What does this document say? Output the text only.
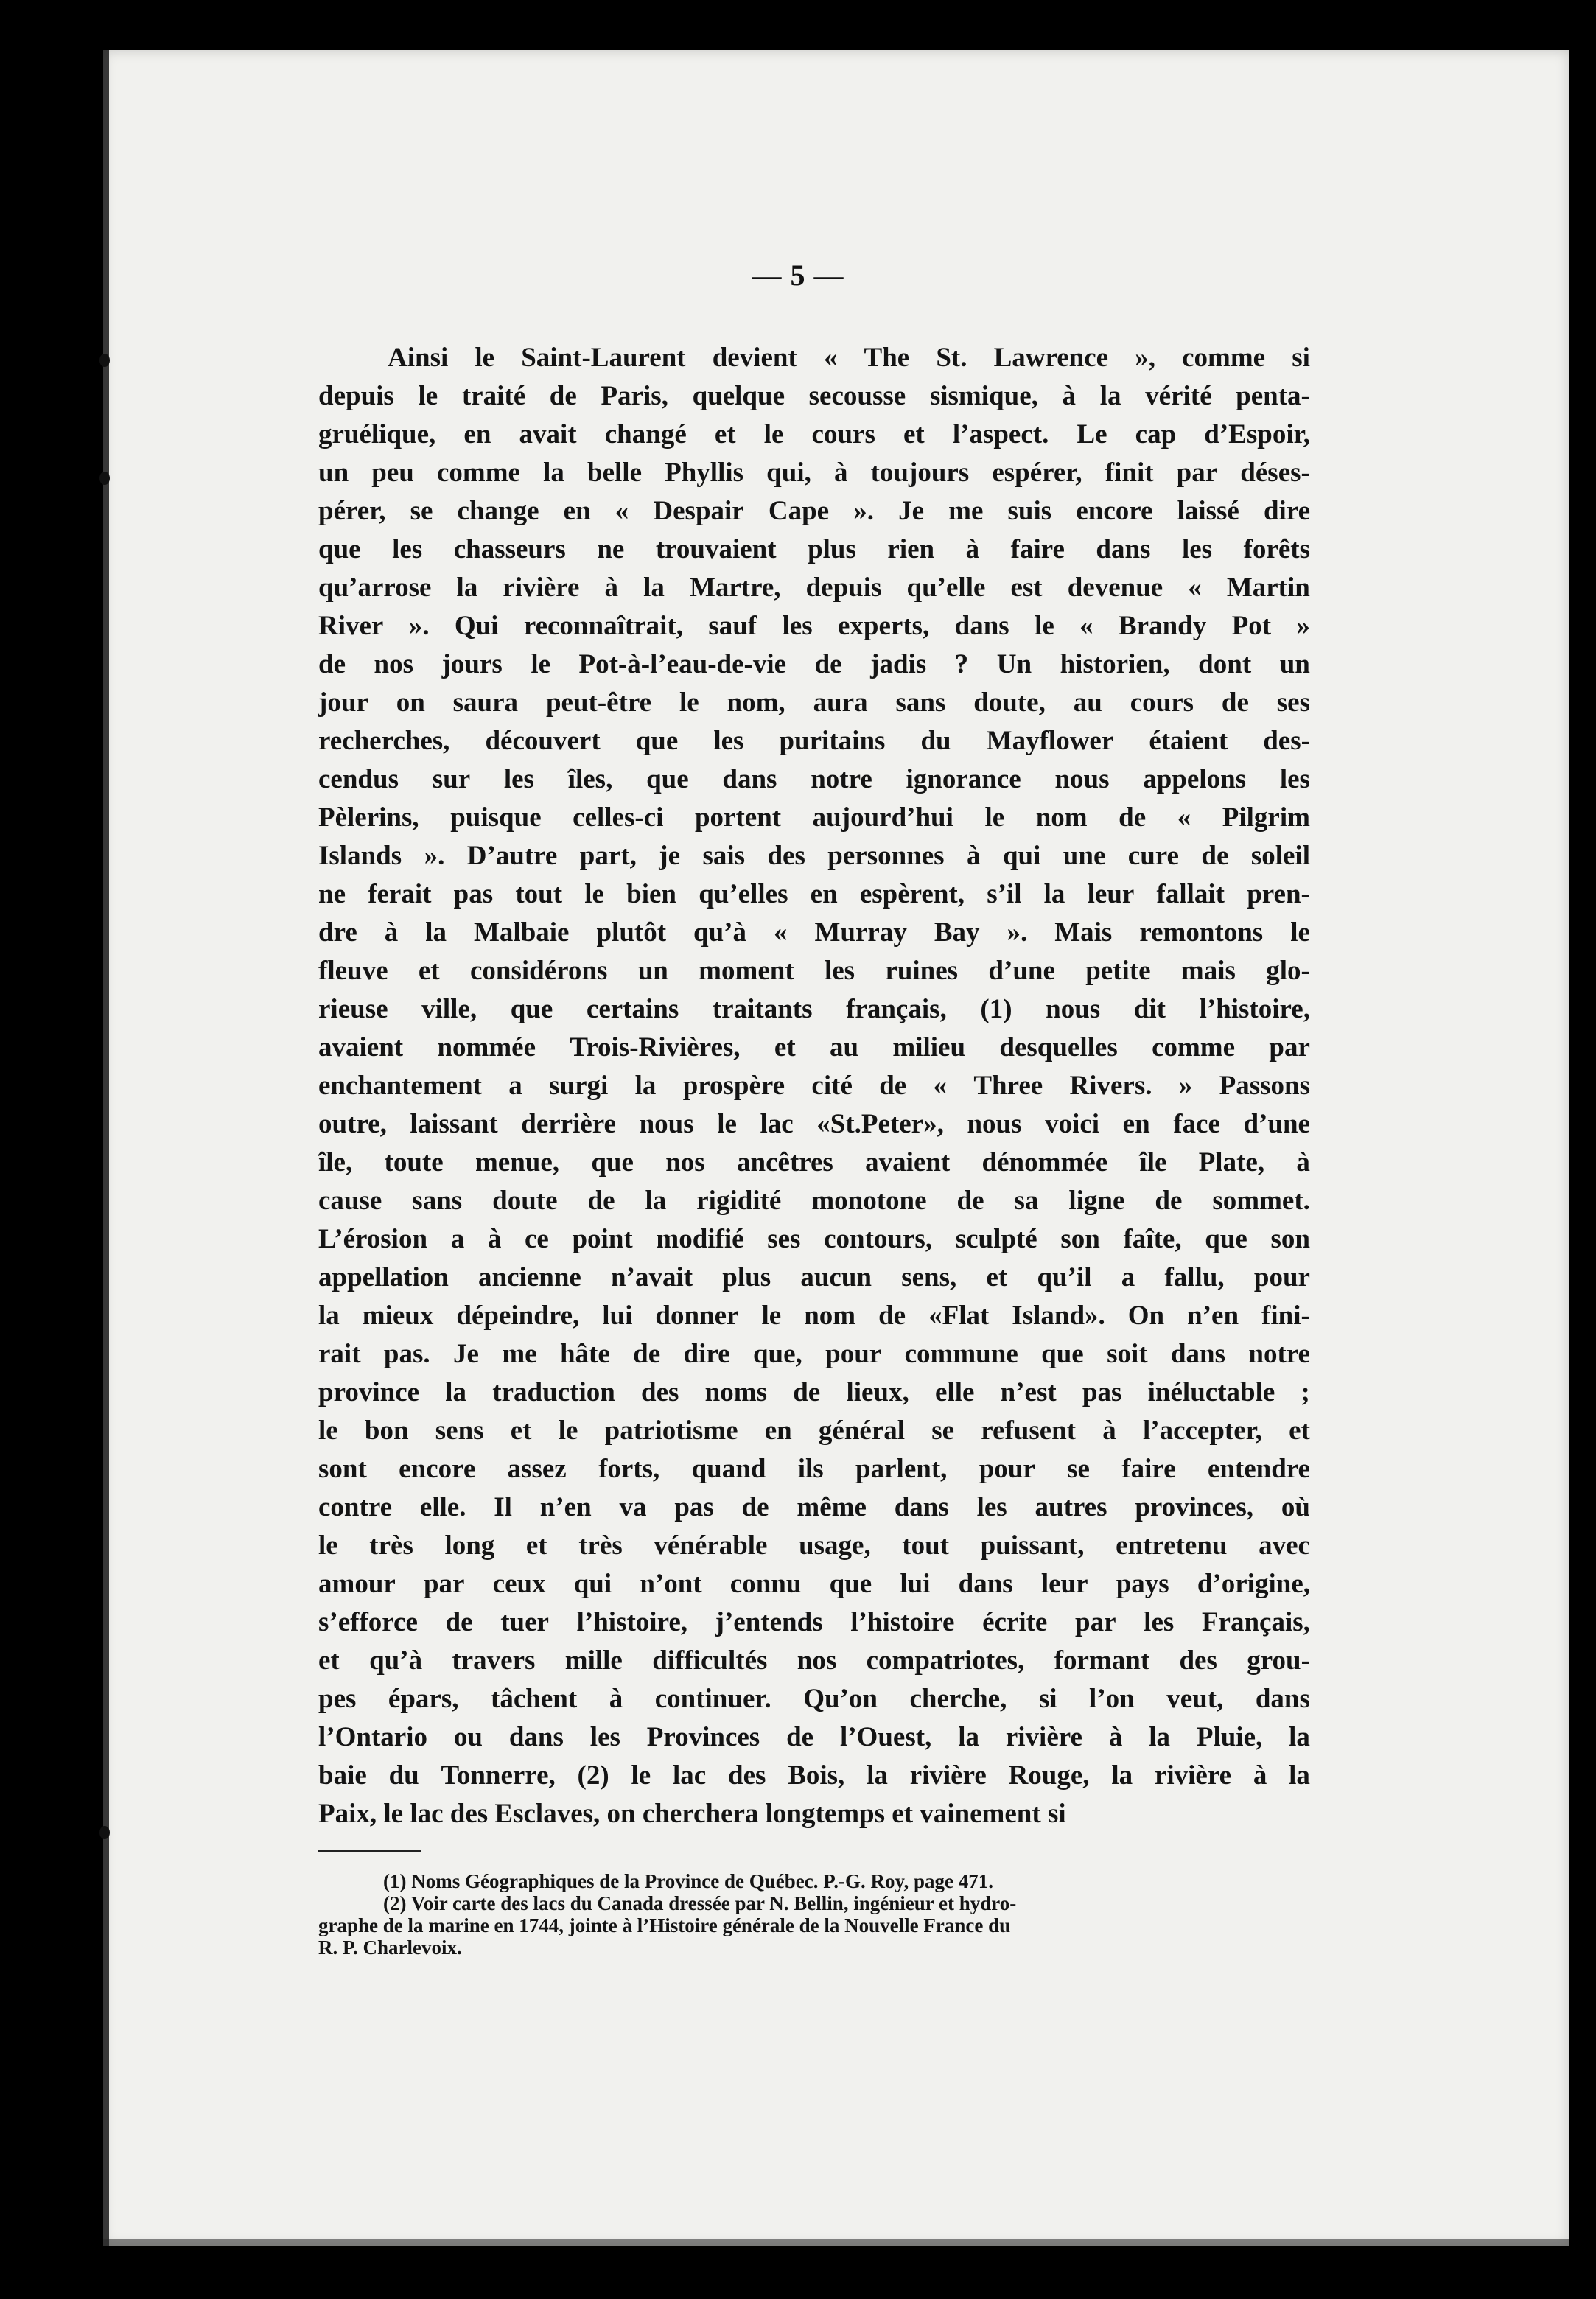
— 5 —
Ainsi le Saint-Laurent devient « The St. Lawrence », comme si
depuis le traité de Paris, quelque secousse sismique, à la vérité penta-
gruélique, en avait changé et le cours et l’aspect. Le cap d’Espoir,
un peu comme la belle Phyllis qui, à toujours espérer, finit par déses-
pérer, se change en « Despair Cape ». Je me suis encore laissé dire
que les chasseurs ne trouvaient plus rien à faire dans les forêts
qu’arrose la rivière à la Martre, depuis qu’elle est devenue « Martin
River ». Qui reconnaîtrait, sauf les experts, dans le « Brandy Pot »
de nos jours le Pot-à-l’eau-de-vie de jadis ? Un historien, dont un
jour on saura peut-être le nom, aura sans doute, au cours de ses
recherches, découvert que les puritains du Mayflower étaient des-
cendus sur les îles, que dans notre ignorance nous appelons les
Pèlerins, puisque celles-ci portent aujourd’hui le nom de « Pilgrim
Islands ». D’autre part, je sais des personnes à qui une cure de soleil
ne ferait pas tout le bien qu’elles en espèrent, s’il la leur fallait pren-
dre à la Malbaie plutôt qu’à « Murray Bay ». Mais remontons le
fleuve et considérons un moment les ruines d’une petite mais glo-
rieuse ville, que certains traitants français, (1) nous dit l’histoire,
avaient nommée Trois-Rivières, et au milieu desquelles comme par
enchantement a surgi la prospère cité de « Three Rivers. » Passons
outre, laissant derrière nous le lac «St.Peter», nous voici en face d’une
île, toute menue, que nos ancêtres avaient dénommée île Plate, à
cause sans doute de la rigidité monotone de sa ligne de sommet.
L’érosion a à ce point modifié ses contours, sculpté son faîte, que son
appellation ancienne n’avait plus aucun sens, et qu’il a fallu, pour
la mieux dépeindre, lui donner le nom de «Flat Island». On n’en fini-
rait pas. Je me hâte de dire que, pour commune que soit dans notre
province la traduction des noms de lieux, elle n’est pas inéluctable ;
le bon sens et le patriotisme en général se refusent à l’accepter, et
sont encore assez forts, quand ils parlent, pour se faire entendre
contre elle. Il n’en va pas de même dans les autres provinces, où
le très long et très vénérable usage, tout puissant, entretenu avec
amour par ceux qui n’ont connu que lui dans leur pays d’origine,
s’efforce de tuer l’histoire, j’entends l’histoire écrite par les Français,
et qu’à travers mille difficultés nos compatriotes, formant des grou-
pes épars, tâchent à continuer. Qu’on cherche, si l’on veut, dans
l’Ontario ou dans les Provinces de l’Ouest, la rivière à la Pluie, la
baie du Tonnerre, (2) le lac des Bois, la rivière Rouge, la rivière à la
Paix, le lac des Esclaves, on cherchera longtemps et vainement si
(1) Noms Géographiques de la Province de Québec. P.-G. Roy, page 471.
(2) Voir carte des lacs du Canada dressée par N. Bellin, ingénieur et hydro-
graphe de la marine en 1744, jointe à l’Histoire générale de la Nouvelle France du
R. P. Charlevoix.
